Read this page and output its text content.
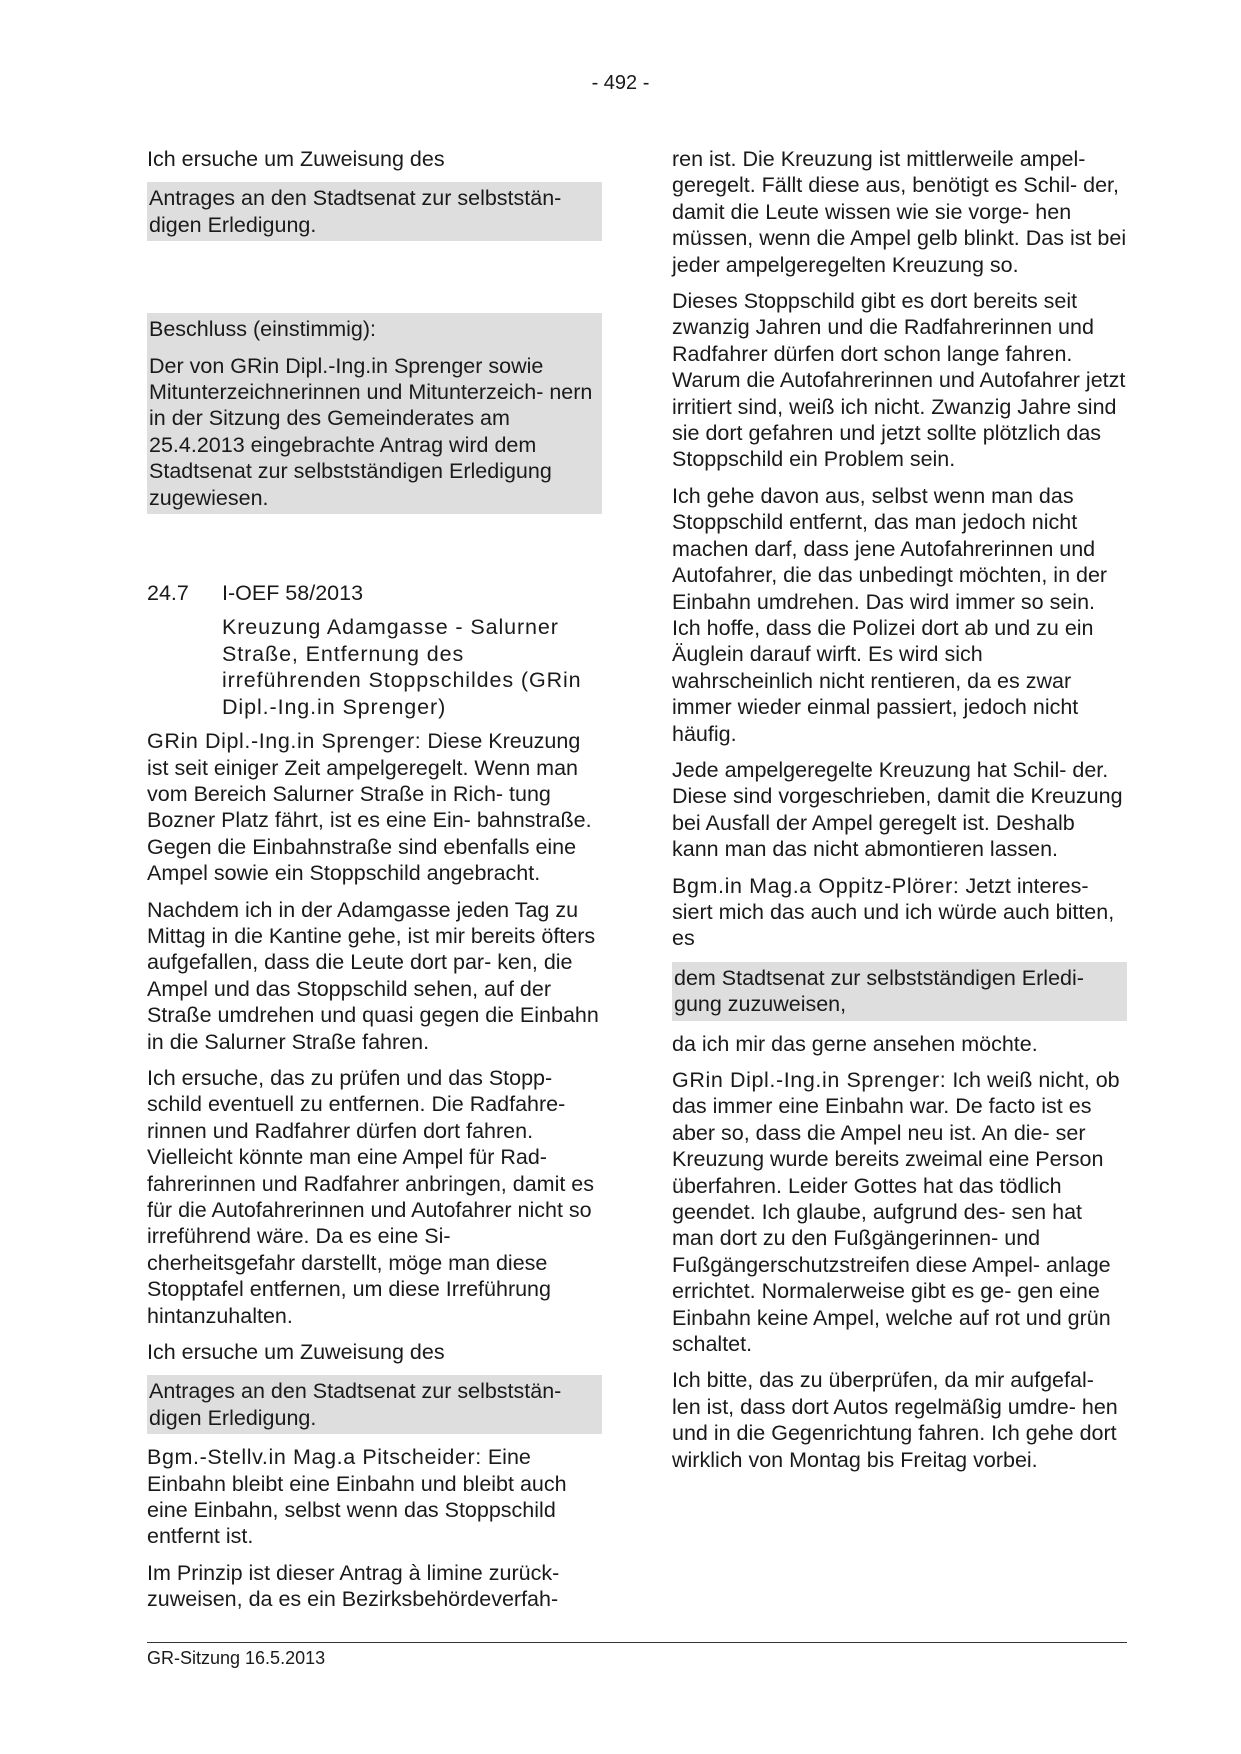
- 492 -

Ich ersuche um Zuweisung des

Antrages an den Stadtsenat zur selbststän- digen Erledigung.
Beschluss (einstimmig):
Der von GRin Dipl.-Ing.in Sprenger sowie Mitunterzeichnerinnen und Mitunterzeich- nern in der Sitzung des Gemeinderates am 25.4.2013 eingebrachte Antrag wird dem Stadtsenat zur selbstständigen Erledigung zugewiesen.
24.7	I-OEF 58/2013
Kreuzung Adamgasse - Salurner Straße, Entfernung des irreführenden Stoppschildes (GRin Dipl.-Ing.in Sprenger)

GRin Dipl.-Ing.in Sprenger: Diese Kreuzung ist seit einiger Zeit ampelgeregelt. Wenn man vom Bereich Salurner Straße in Rich- tung Bozner Platz fährt, ist es eine Ein- bahnstraße. Gegen die Einbahnstraße sind ebenfalls eine Ampel sowie ein Stoppschild angebracht.

Nachdem ich in der Adamgasse jeden Tag zu Mittag in die Kantine gehe, ist mir bereits öfters aufgefallen, dass die Leute dort par- ken, die Ampel und das Stoppschild sehen, auf der Straße umdrehen und quasi gegen die Einbahn in die Salurner Straße fahren.

Ich ersuche, das zu prüfen und das Stopp- schild eventuell zu entfernen. Die Radfahre- rinnen und Radfahrer dürfen dort fahren. Vielleicht könnte man eine Ampel für Rad- fahrerinnen und Radfahrer anbringen, damit es für die Autofahrerinnen und Autofahrer nicht so irreführend wäre. Da es eine Si- cherheitsgefahr darstellt, möge man diese Stopptafel entfernen, um diese Irreführung hintanzuhalten.

Ich ersuche um Zuweisung des

Antrages an den Stadtsenat zur selbststän- digen Erledigung.

Bgm.-Stellv.in Mag.a Pitscheider: Eine Einbahn bleibt eine Einbahn und bleibt auch eine Einbahn, selbst wenn das Stoppschild entfernt ist.

Im Prinzip ist dieser Antrag à limine zurück- zuweisen, da es ein Bezirksbehördeverfah-

ren ist. Die Kreuzung ist mittlerweile ampel- geregelt. Fällt diese aus, benötigt es Schil- der, damit die Leute wissen wie sie vorge- hen müssen, wenn die Ampel gelb blinkt. Das ist bei jeder ampelgeregelten Kreuzung so.

Dieses Stoppschild gibt es dort bereits seit zwanzig Jahren und die Radfahrerinnen und Radfahrer dürfen dort schon lange fahren. Warum die Autofahrerinnen und Autofahrer jetzt irritiert sind, weiß ich nicht. Zwanzig Jahre sind sie dort gefahren und jetzt sollte plötzlich das Stoppschild ein Problem sein.

Ich gehe davon aus, selbst wenn man das Stoppschild entfernt, das man jedoch nicht machen darf, dass jene Autofahrerinnen und Autofahrer, die das unbedingt möchten, in der Einbahn umdrehen. Das wird immer so sein. Ich hoffe, dass die Polizei dort ab und zu ein Äuglein darauf wirft. Es wird sich wahrscheinlich nicht rentieren, da es zwar immer wieder einmal passiert, jedoch nicht häufig.

Jede ampelgeregelte Kreuzung hat Schil- der. Diese sind vorgeschrieben, damit die Kreuzung bei Ausfall der Ampel geregelt ist. Deshalb kann man das nicht abmontieren lassen.

Bgm.in Mag.a Oppitz-Plörer: Jetzt interes- siert mich das auch und ich würde auch bitten, es

dem Stadtsenat zur selbstständigen Erledi- gung zuzuweisen,

da ich mir das gerne ansehen möchte.

GRin Dipl.-Ing.in Sprenger: Ich weiß nicht, ob das immer eine Einbahn war. De facto ist es aber so, dass die Ampel neu ist. An die- ser Kreuzung wurde bereits zweimal eine Person überfahren. Leider Gottes hat das tödlich geendet. Ich glaube, aufgrund des- sen hat man dort zu den Fußgängerinnen- und Fußgängerschutzstreifen diese Ampel- anlage errichtet. Normalerweise gibt es ge- gen eine Einbahn keine Ampel, welche auf rot und grün schaltet.

Ich bitte, das zu überprüfen, da mir aufgefal- len ist, dass dort Autos regelmäßig umdre- hen und in die Gegenrichtung fahren. Ich gehe dort wirklich von Montag bis Freitag vorbei.

GR-Sitzung 16.5.2013
